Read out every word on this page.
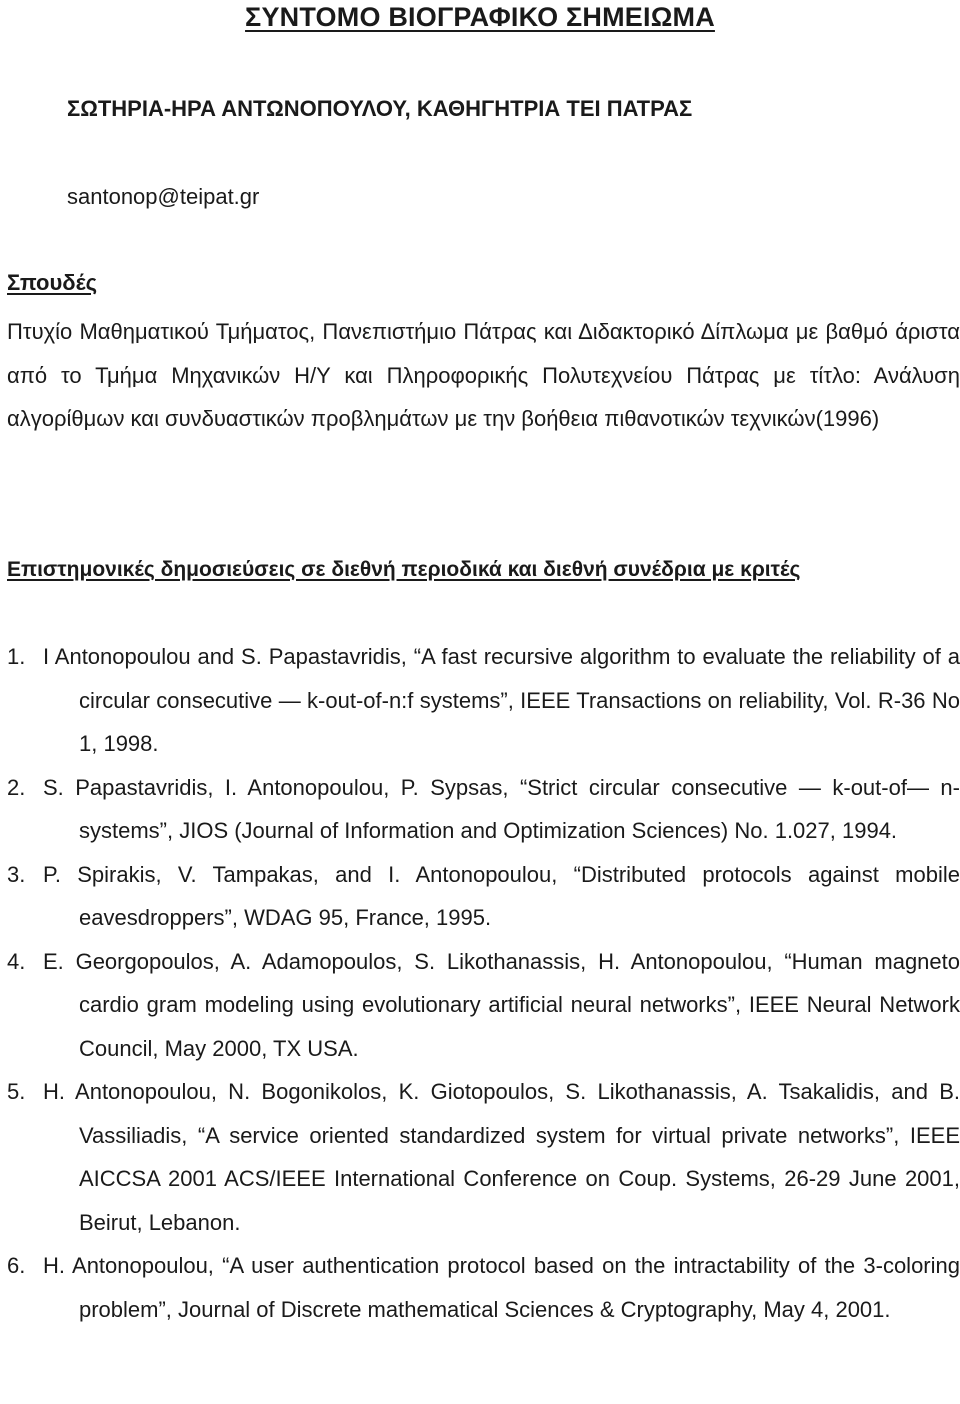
ΣΥΝΤΟΜΟ ΒΙΟΓΡΑΦΙΚΟ ΣΗΜΕΙΩΜΑ
ΣΩΤΗΡΙΑ-ΗΡΑ ΑΝΤΩΝΟΠΟΥΛΟΥ, ΚΑΘΗΓΗΤΡΙΑ ΤΕΙ ΠΑΤΡΑΣ
santonop@teipat.gr
Σπουδές
Πτυχίο Μαθηματικού Τμήματος, Πανεπιστήμιο Πάτρας και Διδακτορικό Δίπλωμα με βαθμό άριστα από το Τμήμα Μηχανικών Η/Υ και Πληροφορικής Πολυτεχνείου Πάτρας με τίτλο: Ανάλυση αλγορίθμων και συνδυαστικών προβλημάτων με την βοήθεια πιθανοτικών τεχνικών(1996)
Επιστημονικές δημοσιεύσεις σε διεθνή περιοδικά και διεθνή συνέδρια με κριτές
1. I Antonopoulou and S. Papastavridis, “A fast recursive algorithm to evaluate the reliability of a circular consecutive — k-out-of-n:f systems”, IEEE Transactions on reliability, Vol. R-36 No 1, 1998.
2. S. Papastavridis, I. Antonopoulou, P. Sypsas, “Strict circular consecutive — k-out-of— n-systems”, JIOS (Journal of Information and Optimization Sciences) No. 1.027, 1994.
3. P. Spirakis, V. Tampakas, and I. Antonopoulou, “Distributed protocols against mobile eavesdroppers”, WDAG 95, France, 1995.
4. E. Georgopoulos, A. Adamopoulos, S. Likothanassis, H. Antonopoulou, “Human magneto cardio gram modeling using evolutionary artificial neural networks”, IEEE Neural Network Council, May 2000, TX USA.
5. H. Antonopoulou, N. Bogonikolos, K. Giotopoulos, S. Likothanassis, A. Tsakalidis, and B. Vassiliadis, “A service oriented standardized system for virtual private networks”, IEEE AICCSA 2001 ACS/IEEE International Conference on Coup. Systems, 26-29 June 2001, Beirut, Lebanon.
6. H. Antonopoulou, “A user authentication protocol based on the intractability of the 3-coloring problem”, Journal of Discrete mathematical Sciences & Cryptography, May 4, 2001.
